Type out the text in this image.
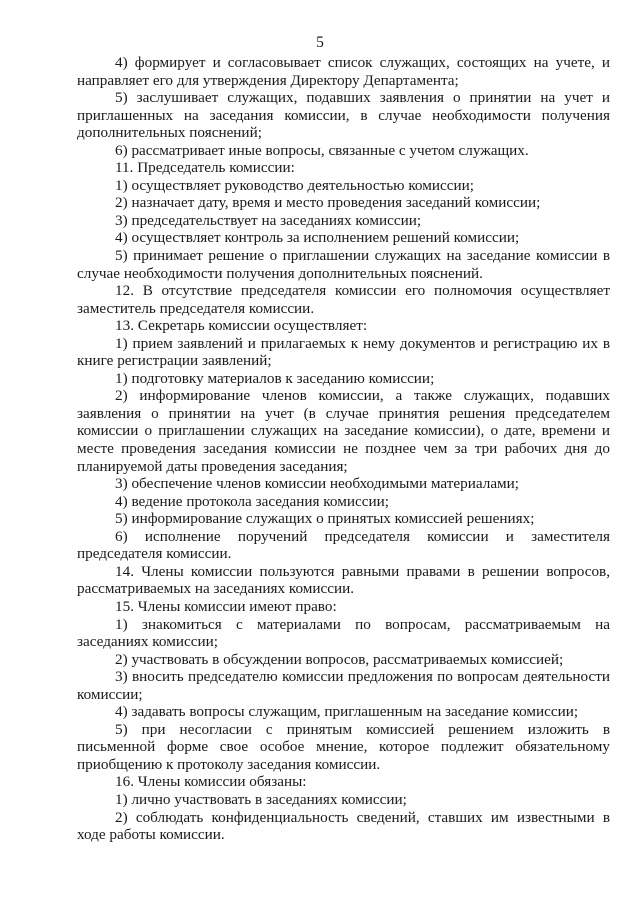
5

4) формирует и согласовывает список служащих, состоящих на учете, и направляет его для утверждения Директору Департамента;

5) заслушивает служащих, подавших заявления о принятии на учет и приглашенных на заседания комиссии, в случае необходимости получения дополнительных пояснений;

6) рассматривает иные вопросы, связанные с учетом служащих.

11. Председатель комиссии:

1) осуществляет руководство деятельностью комиссии;

2) назначает дату, время и место проведения заседаний комиссии;

3) председательствует на заседаниях комиссии;

4) осуществляет контроль за исполнением решений комиссии;

5) принимает решение о приглашении служащих на заседание комиссии в случае необходимости получения дополнительных пояснений.

12. В отсутствие председателя комиссии его полномочия осуществляет заместитель председателя комиссии.

13. Секретарь комиссии осуществляет:

1) прием заявлений и прилагаемых к нему документов и регистрацию их в книге регистрации заявлений;

1) подготовку материалов к заседанию комиссии;

2) информирование членов комиссии, а также служащих, подавших заявления о принятии на учет (в случае принятия решения председателем комиссии о приглашении служащих на заседание комиссии), о дате, времени и месте проведения заседания комиссии не позднее чем за три рабочих дня до планируемой даты проведения заседания;

3) обеспечение членов комиссии необходимыми материалами;

4) ведение протокола заседания комиссии;

5) информирование служащих о принятых комиссией решениях;

6) исполнение поручений председателя комиссии и заместителя председателя комиссии.

14. Члены комиссии пользуются равными правами в решении вопросов, рассматриваемых на заседаниях комиссии.

15. Члены комиссии имеют право:

1) знакомиться с материалами по вопросам, рассматриваемым на заседаниях комиссии;

2) участвовать в обсуждении вопросов, рассматриваемых комиссией;

3) вносить председателю комиссии предложения по вопросам деятельности комиссии;

4) задавать вопросы служащим, приглашенным на заседание комиссии;

5) при несогласии с принятым комиссией решением изложить в письменной форме свое особое мнение, которое подлежит обязательному приобщению к протоколу заседания комиссии.

16. Члены комиссии обязаны:

1) лично участвовать в заседаниях комиссии;

2) соблюдать конфиденциальность сведений, ставших им известными в ходе работы комиссии.
